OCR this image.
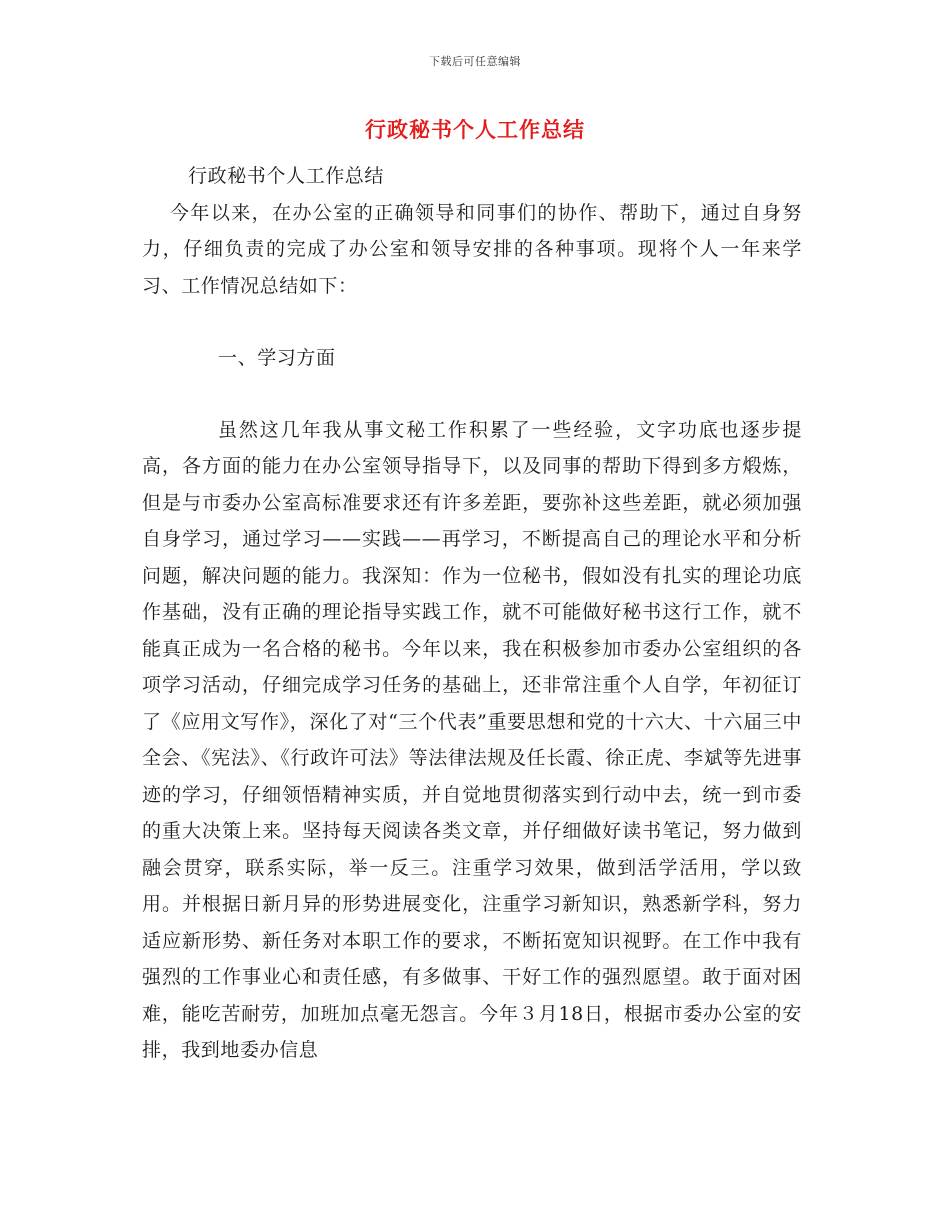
下载后可任意编辑
行政秘书个人工作总结

行政秘书个人工作总结

今年以来，在办公室的正确领导和同事们的协作、帮助下，通过自身努力，仔细负责的完成了办公室和领导安排的各种事项。现将个人一年来学习、工作情况总结如下：

一、学习方面

虽然这几年我从事文秘工作积累了一些经验，文字功底也逐步提高，各方面的能力在办公室领导指导下，以及同事的帮助下得到多方煅炼，但是与市委办公室高标准要求还有许多差距，要弥补这些差距，就必须加强自身学习，通过学习——实践——再学习，不断提高自己的理论水平和分析问题，解决问题的能力。我深知：作为一位秘书，假如没有扎实的理论功底作基础，没有正确的理论指导实践工作，就不可能做好秘书这行工作，就不能真正成为一名合格的秘书。今年以来，我在积极参加市委办公室组织的各项学习活动，仔细完成学习任务的基础上，还非常注重个人自学，年初征订了《应用文写作》，深化了对“三个代表”重要思想和党的十六大、十六届三中全会、《宪法》、《行政许可法》等法律法规及任长霞、徐正虎、李斌等先进事迹的学习，仔细领悟精神实质，并自觉地贯彻落实到行动中去，统一到市委的重大决策上来。坚持每天阅读各类文章，并仔细做好读书笔记，努力做到融会贯穿，联系实际，举一反三。注重学习效果，做到活学活用，学以致用。并根据日新月异的形势进展变化，注重学习新知识，熟悉新学科，努力适应新形势、新任务对本职工作的要求，不断拓宽知识视野。在工作中我有强烈的工作事业心和责任感，有多做事、干好工作的强烈愿望。敢于面对困难，能吃苦耐劳，加班加点毫无怨言。今年３月18日，根据市委办公室的安排，我到地委办信息
